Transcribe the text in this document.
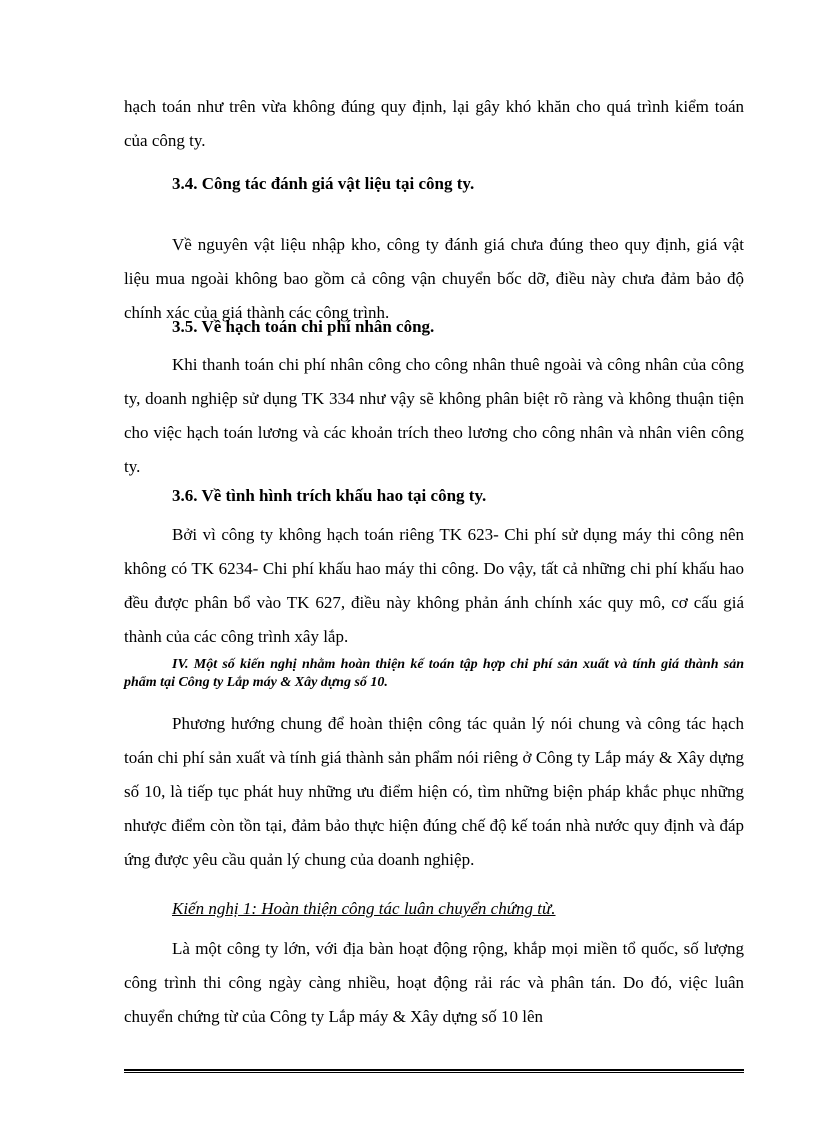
hạch toán như trên vừa không đúng quy định, lại gây khó khăn cho quá trình kiểm toán của công ty.

3.4. Công tác đánh giá vật liệu tại công ty.

Về nguyên vật liệu nhập kho, công ty đánh giá chưa đúng theo quy định, giá vật liệu mua ngoài không bao gồm cả công vận chuyển bốc dỡ, điều này chưa đảm bảo độ chính xác của giá thành các công trình.

3.5. Về hạch toán chi phí nhân công.

Khi thanh toán chi phí nhân công cho công nhân thuê ngoài và công nhân của công ty, doanh nghiệp sử dụng TK 334 như vậy sẽ không phân biệt rõ ràng và không thuận tiện cho việc hạch toán lương và các khoản trích theo lương cho công nhân và nhân viên công ty.

3.6. Về tình hình trích khấu hao tại công ty.

Bởi vì công ty không hạch toán riêng TK 623- Chi phí sử dụng máy thi công nên không có TK 6234- Chi phí khấu hao máy thi công. Do vậy, tất cả những chi phí khấu hao đều được phân bổ vào TK 627, điều này không phản ánh chính xác quy mô, cơ cấu giá thành của các công trình xây lắp.

IV. Một số kiến nghị nhằm hoàn thiện kế toán tập hợp chi phí sản xuất và tính giá thành sản phẩm tại Công ty Lắp máy & Xây dựng số 10.

Phương hướng chung để hoàn thiện công tác quản lý nói chung và công tác hạch toán chi phí sản xuất và tính giá thành sản phẩm nói riêng ở Công ty Lắp máy & Xây dựng số 10, là tiếp tục phát huy những ưu điểm hiện có, tìm những biện pháp khắc phục những nhược điểm còn tồn tại, đảm bảo thực hiện đúng chế độ kế toán nhà nước quy định và đáp ứng được yêu cầu quản lý chung của doanh nghiệp.

Kiến nghị 1: Hoàn thiện công tác luân chuyển chứng từ.

Là một công ty lớn, với địa bàn hoạt động rộng, khắp mọi miền tổ quốc, số lượng công trình thi công ngày càng nhiều, hoạt động rải rác và phân tán. Do đó, việc luân chuyển chứng từ của Công ty Lắp máy & Xây dựng số 10 lên
